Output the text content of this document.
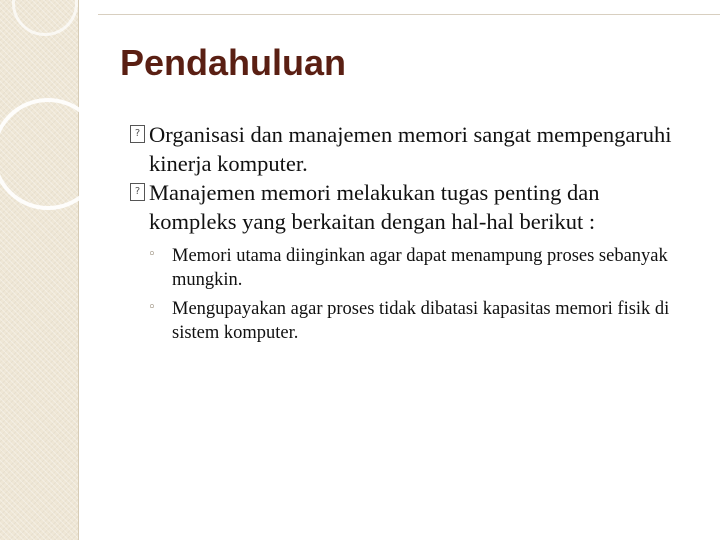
Pendahuluan
? Organisasi dan manajemen memori sangat mempengaruhi kinerja komputer.
? Manajemen memori melakukan tugas penting dan kompleks yang berkaitan dengan hal-hal berikut :
◦ Memori utama diinginkan agar dapat menampung proses sebanyak mungkin.
◦ Mengupayakan agar proses tidak dibatasi kapasitas memori fisik di sistem komputer.
